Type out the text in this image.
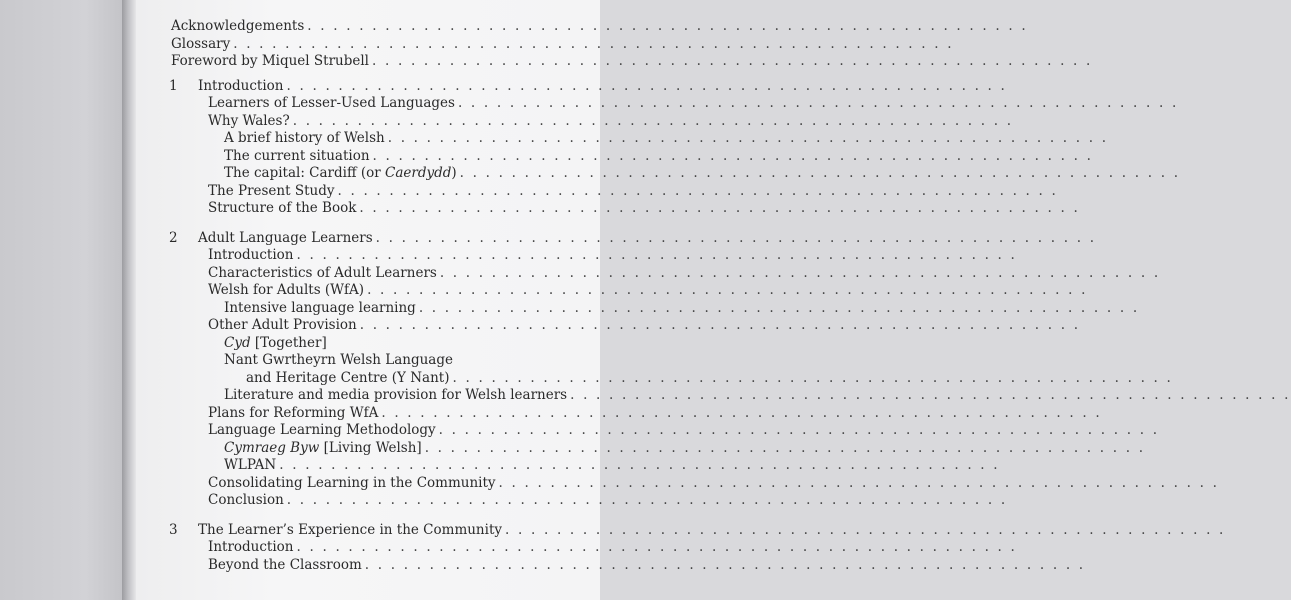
Acknowledgements . . . . . . . . . . . . . . . . . . . . . . . . . . . . . . . . . . . . . . . . . . . . . . . . . . . . . . . .
Glossary . . . . . . . . . . . . . . . . . . . . . . . . . . . . . . . . . . . . . . . . . . . . . . . . . . . . . . . .
Foreword by Miquel Strubell . . . . . . . . . . . . . . . . . . . . . . . . . . . . . . . . . . . . . . . . . . . . . . . . . . . . . . . .
1 Introduction . . . . . . . . . . . . . . . . . . . . . . . . . . . . . . . . . . . . . . . . . . . . . . . . . . . . . . . .
Learners of Lesser-Used Languages . . . . . . . . . . . . . . . . . . . . . . . . . . . . . . . . . . . . . . . . . . . . . . . . . . . . . . . .
Why Wales? . . . . . . . . . . . . . . . . . . . . . . . . . . . . . . . . . . . . . . . . . . . . . . . . . . . . . . . .
A brief history of Welsh . . . . . . . . . . . . . . . . . . . . . . . . . . . . . . . . . . . . . . . . . . . . . . . . . . . . . . . .
The current situation . . . . . . . . . . . . . . . . . . . . . . . . . . . . . . . . . . . . . . . . . . . . . . . . . . . . . . . .
The capital: Cardiff (or Caerdydd) . . . . . . . . . . . . . . . . . . . . . . . . . . . . . . . . . . . . . . . . . . . . . . . . . . . . . . . .
The Present Study . . . . . . . . . . . . . . . . . . . . . . . . . . . . . . . . . . . . . . . . . . . . . . . . . . . . . . . .
Structure of the Book . . . . . . . . . . . . . . . . . . . . . . . . . . . . . . . . . . . . . . . . . . . . . . . . . . . . . . . .
2 Adult Language Learners . . . . . . . . . . . . . . . . . . . . . . . . . . . . . . . . . . . . . . . . . . . . . . . . . . . . . . . .
Introduction . . . . . . . . . . . . . . . . . . . . . . . . . . . . . . . . . . . . . . . . . . . . . . . . . . . . . . . .
Characteristics of Adult Learners . . . . . . . . . . . . . . . . . . . . . . . . . . . . . . . . . . . . . . . . . . . . . . . . . . . . . . . .
Welsh for Adults (WfA) . . . . . . . . . . . . . . . . . . . . . . . . . . . . . . . . . . . . . . . . . . . . . . . . . . . . . . . .
Intensive language learning . . . . . . . . . . . . . . . . . . . . . . . . . . . . . . . . . . . . . . . . . . . . . . . . . . . . . . . .
Other Adult Provision . . . . . . . . . . . . . . . . . . . . . . . . . . . . . . . . . . . . . . . . . . . . . . . . . . . . . . . .
Cyd [Together]
Nant Gwrtheyrn Welsh Language
and Heritage Centre (Y Nant) . . . . . . . . . . . . . . . . . . . . . . . . . . . . . . . . . . . . . . . . . . . . . . . . . . . . . . . .
Literature and media provision for Welsh learners . . . . . . . . . . . . . . . . . . . . . . . . . . . . . . . . . . . . . . . . . . . . . . . . . . . . . . . .
Plans for Reforming WfA . . . . . . . . . . . . . . . . . . . . . . . . . . . . . . . . . . . . . . . . . . . . . . . . . . . . . . . .
Language Learning Methodology . . . . . . . . . . . . . . . . . . . . . . . . . . . . . . . . . . . . . . . . . . . . . . . . . . . . . . . .
Cymraeg Byw [Living Welsh] . . . . . . . . . . . . . . . . . . . . . . . . . . . . . . . . . . . . . . . . . . . . . . . . . . . . . . . .
WLPAN . . . . . . . . . . . . . . . . . . . . . . . . . . . . . . . . . . . . . . . . . . . . . . . . . . . . . . . .
Consolidating Learning in the Community . . . . . . . . . . . . . . . . . . . . . . . . . . . . . . . . . . . . . . . . . . . . . . . . . . . . . . . .
Conclusion . . . . . . . . . . . . . . . . . . . . . . . . . . . . . . . . . . . . . . . . . . . . . . . . . . . . . . . .
3 The Learner’s Experience in the Community . . . . . . . . . . . . . . . . . . . . . . . . . . . . . . . . . . . . . . . . . . . . . . . . . . . . . . . .
Introduction . . . . . . . . . . . . . . . . . . . . . . . . . . . . . . . . . . . . . . . . . . . . . . . . . . . . . . . .
Beyond the Classroom . . . . . . . . . . . . . . . . . . . . . . . . . . . . . . . . . . . . . . . . . . . . . . . . . . . . . . . .
